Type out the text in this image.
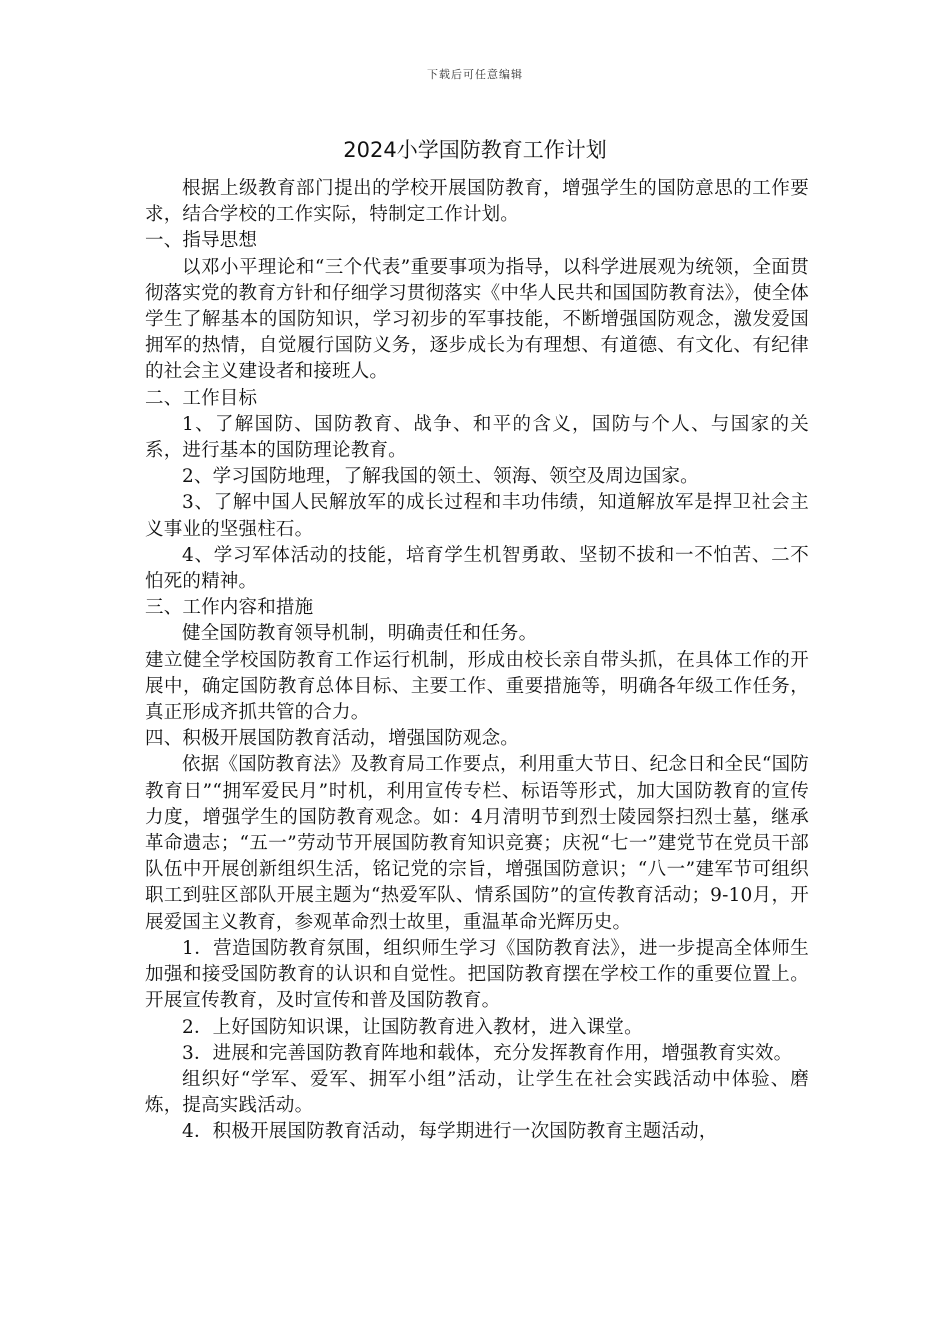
下载后可任意编辑
2024小学国防教育工作计划

根据上级教育部门提出的学校开展国防教育，增强学生的国防意思的工作要求，结合学校的工作实际，特制定工作计划。

一、指导思想

以邓小平理论和“三个代表”重要事项为指导，以科学进展观为统领，全面贯彻落实党的教育方针和仔细学习贯彻落实《中华人民共和国国防教育法》，使全体学生了解基本的国防知识，学习初步的军事技能，不断增强国防观念，激发爱国拥军的热情，自觉履行国防义务，逐步成长为有理想、有道德、有文化、有纪律的社会主义建设者和接班人。

二、工作目标

1、了解国防、国防教育、战争、和平的含义，国防与个人、与国家的关系，进行基本的国防理论教育。

2、学习国防地理，了解我国的领土、领海、领空及周边国家。

3、了解中国人民解放军的成长过程和丰功伟绩，知道解放军是捍卫社会主义事业的坚强柱石。

4、学习军体活动的技能，培育学生机智勇敢、坚韧不拔和一不怕苦、二不怕死的精神。

三、工作内容和措施

健全国防教育领导机制，明确责任和任务。

建立健全学校国防教育工作运行机制，形成由校长亲自带头抓，在具体工作的开展中，确定国防教育总体目标、主要工作、重要措施等，明确各年级工作任务，真正形成齐抓共管的合力。

四、积极开展国防教育活动，增强国防观念。

依据《国防教育法》及教育局工作要点，利用重大节日、纪念日和全民“国防教育日”“拥军爱民月”时机，利用宣传专栏、标语等形式，加大国防教育的宣传力度，增强学生的国防教育观念。如：4月清明节到烈士陵园祭扫烈士墓，继承革命遗志；“五一”劳动节开展国防教育知识竞赛；庆祝“七一”建党节在党员干部队伍中开展创新组织生活，铭记党的宗旨，增强国防意识；“八一”建军节可组织职工到驻区部队开展主题为“热爱军队、情系国防”的宣传教育活动；9-10月，开展爱国主义教育，参观革命烈士故里，重温革命光辉历史。

1．营造国防教育氛围，组织师生学习《国防教育法》，进一步提高全体师生加强和接受国防教育的认识和自觉性。把国防教育摆在学校工作的重要位置上。开展宣传教育，及时宣传和普及国防教育。

2．上好国防知识课，让国防教育进入教材，进入课堂。

3．进展和完善国防教育阵地和载体，充分发挥教育作用，增强教育实效。

组织好“学军、爱军、拥军小组”活动，让学生在社会实践活动中体验、磨炼，提高实践活动。

4．积极开展国防教育活动，每学期进行一次国防教育主题活动，
